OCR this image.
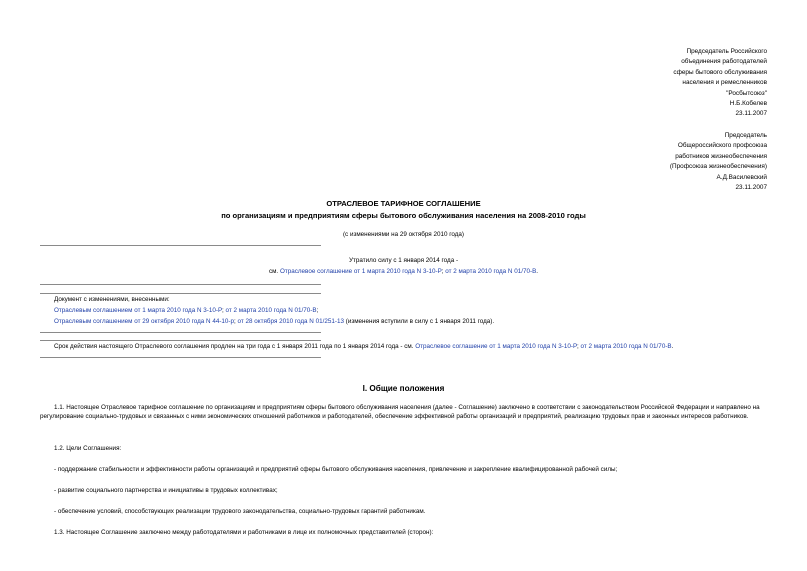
Председатель Российского
объединения работодателей
сферы бытового обслуживания
населения и ремесленников
"Росбытсоюз"
Н.Б.Кобелев
23.11.2007
Председатель
Общероссийского профсоюза
работников жизнеобеспечения
(Профсоюза жизнеобеспечения)
А.Д.Василевский
23.11.2007
ОТРАСЛЕВОЕ ТАРИФНОЕ СОГЛАШЕНИЕ
по организациям и предприятиям сферы бытового обслуживания населения на 2008-2010 годы
(с изменениями на 29 октября 2010 года)
Утратило силу с 1 января 2014 года -
см. Отраслевое соглашение от 1 марта 2010 года N 3-10-Р; от 2 марта 2010 года N 01/70-В.
Документ с изменениями, внесенными:
Отраслевым соглашением от 1 марта 2010 года N 3-10-Р; от 2 марта 2010 года N 01/70-В;
Отраслевым соглашением от 29 октября 2010 года N 44-10-р; от 28 октября 2010 года N 01/251-13 (изменения вступили в силу с 1 января 2011 года).
Срок действия настоящего Отраслевого соглашения продлен на три года с 1 января 2011 года по 1 января 2014 года - см. Отраслевое соглашение от 1 марта 2010 года N 3-10-Р; от 2 марта 2010 года N 01/70-В.
I. Общие положения
1.1. Настоящее Отраслевое тарифное соглашение по организациям и предприятиям сферы бытового обслуживания населения (далее - Соглашение) заключено в соответствии с законодательством Российской Федерации и направлено на регулирование социально-трудовых и связанных с ними экономических отношений работников и работодателей, обеспечение эффективной работы организаций и предприятий, реализацию трудовых прав и законных интересов работников.
1.2. Цели Соглашения:
- поддержание стабильности и эффективности работы организаций и предприятий сферы бытового обслуживания населения, привлечение и закрепление квалифицированной рабочей силы;
- развитие социального партнерства и инициативы в трудовых коллективах;
- обеспечение условий, способствующих реализации трудового законодательства, социально-трудовых гарантий работникам.
1.3. Настоящее Соглашение заключено между работодателями и работниками в лице их полномочных представителей (сторон):
